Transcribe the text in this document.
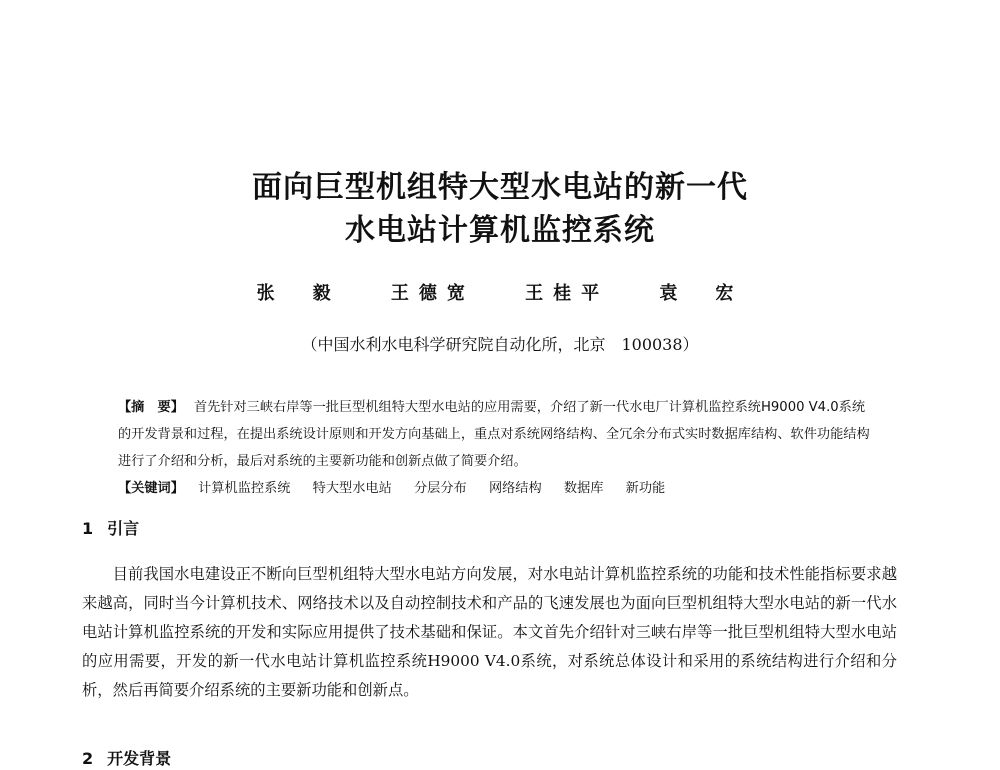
面向巨型机组特大型水电站的新一代
水电站计算机监控系统
张　毅	王德宽	王桂平	袁　宏
（中国水利水电科学研究院自动化所，北京　100038）
【摘　要】 首先针对三峡右岸等一批巨型机组特大型水电站的应用需要，介绍了新一代水电厂计算机监控系统H9000 V4.0系统的开发背景和过程，在提出系统设计原则和开发方向基础上，重点对系统网络结构、全冗余分布式实时数据库结构、软件功能结构进行了介绍和分析，最后对系统的主要新功能和创新点做了简要介绍。
【关键词】 计算机监控系统 特大型水电站 分层分布 网络结构 数据库 新功能
1 引言
目前我国水电建设正不断向巨型机组特大型水电站方向发展，对水电站计算机监控系统的功能和技术性能指标要求越来越高，同时当今计算机技术、网络技术以及自动控制技术和产品的飞速发展也为面向巨型机组特大型水电站的新一代水电站计算机监控系统的开发和实际应用提供了技术基础和保证。本文首先介绍针对三峡右岸等一批巨型机组特大型水电站的应用需要，开发的新一代水电站计算机监控系统H9000 V4.0系统，对系统总体设计和采用的系统结构进行介绍和分析，然后再简要介绍系统的主要新功能和创新点。
2 开发背景
